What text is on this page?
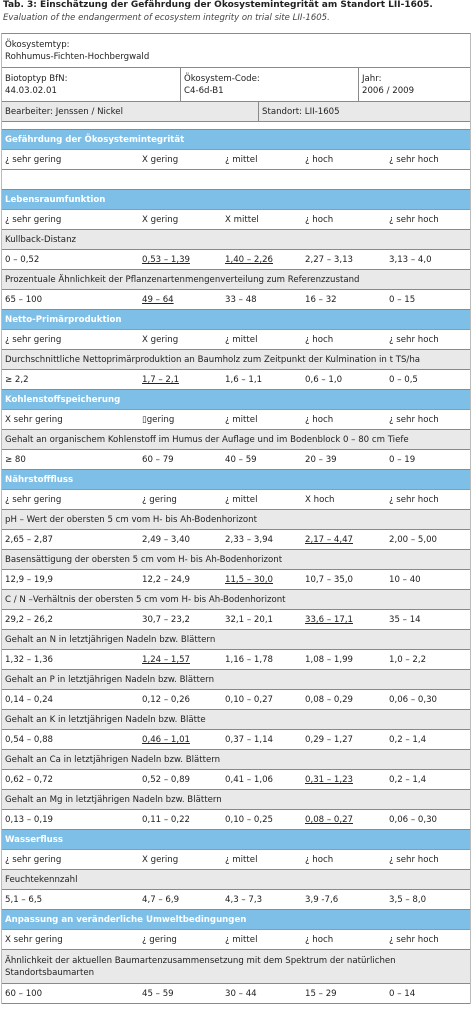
Tab. 3: Einschätzung der Gefährdung der Ökosystemintegrität am Standort LII-1605.
Evaluation of the endangerment of ecosystem integrity on trial site LII-1605.
Ökosystemtyp:
Rohhumus-Fichten-Hochbergwald
Biotoptyp BfN:
44.03.02.01
Ökosystem-Code:
C4-6d-B1
Jahr:
2006 / 2009
Bearbeiter: Jenssen / Nickel	Standort: LII-1605
Gefährdung der Ökosystemintegrität
¿ sehr gering	X gering	¿ mittel	¿ hoch	¿ sehr hoch
Lebensraumfunktion
¿ sehr gering	X gering	X mittel	¿ hoch	¿ sehr hoch
Kullback-Distanz
0 – 0,52	0,53 – 1,39	1,40 – 2,26	2,27 – 3,13	3,13 – 4,0
Prozentuale Ähnlichkeit der Pflanzenartenmengenverteilung zum Referenzzustand
65 – 100	49 – 64	33 – 48	16 – 32	0 – 15
Netto-Primärproduktion
¿ sehr gering	X gering	¿ mittel	¿ hoch	¿ sehr hoch
Durchschnittliche Nettoprimärproduktion an Baumholz zum Zeitpunkt der Kulmination in t TS/ha
≥ 2,2	1,7 – 2,1	1,6 – 1,1	0,6 – 1,0	0 – 0,5
Kohlenstoffspeicherung
X sehr gering	▯gering	¿ mittel	¿ hoch	¿ sehr hoch
Gehalt an organischem Kohlenstoff im Humus der Auflage und im Bodenblock 0 – 80 cm Tiefe
≥ 80	60 – 79	40 – 59	20 – 39	0 – 19
Nährstofffluss
¿ sehr gering	¿ gering	¿ mittel	X hoch	¿ sehr hoch
pH – Wert der obersten 5 cm vom H- bis Ah-Bodenhorizont
2,65 – 2,87	2,49 – 3,40	2,33 – 3,94	2,17 – 4,47	2,00 – 5,00
Basensättigung der obersten 5 cm vom H- bis Ah-Bodenhorizont
12,9 – 19,9	12,2 – 24,9	11,5 – 30,0	10,7 – 35,0	10 – 40
C / N –Verhältnis der obersten 5 cm vom H- bis Ah-Bodenhorizont
29,2 – 26,2	30,7 – 23,2	32,1 – 20,1	33,6 – 17,1	35 – 14
Gehalt an N in letztjährigen Nadeln bzw. Blättern
1,32 – 1,36	1,24 – 1,57	1,16 – 1,78	1,08 – 1,99	1,0 – 2,2
Gehalt an P in letztjährigen Nadeln bzw. Blättern
0,14 – 0,24	0,12 – 0,26	0,10 – 0,27	0,08 – 0,29	0,06 – 0,30
Gehalt an K in letztjährigen Nadeln bzw. Blätte
0,54 – 0,88	0,46 – 1,01	0,37 – 1,14	0,29 – 1,27	0,2 – 1,4
Gehalt an Ca in letztjährigen Nadeln bzw. Blättern
0,62 – 0,72	0,52 – 0,89	0,41 – 1,06	0,31 – 1,23	0,2 – 1,4
Gehalt an Mg in letztjährigen Nadeln bzw. Blättern
0,13 – 0,19	0,11 – 0,22	0,10 – 0,25	0,08 – 0,27	0,06 – 0,30
Wasserfluss
¿ sehr gering	X gering	¿ mittel	¿ hoch	¿ sehr hoch
Feuchtekennzahl
5,1 – 6,5	4,7 – 6,9	4,3 – 7,3	3,9 -7,6	3,5 – 8,0
Anpassung an veränderliche Umweltbedingungen
X sehr gering	¿ gering	¿ mittel	¿ hoch	¿ sehr hoch
Ähnlichkeit der aktuellen Baumartenzusammensetzung mit dem Spektrum der natürlichen
Standortsbaumarten
60 – 100	45 – 59	30 – 44	15 – 29	0 – 14
